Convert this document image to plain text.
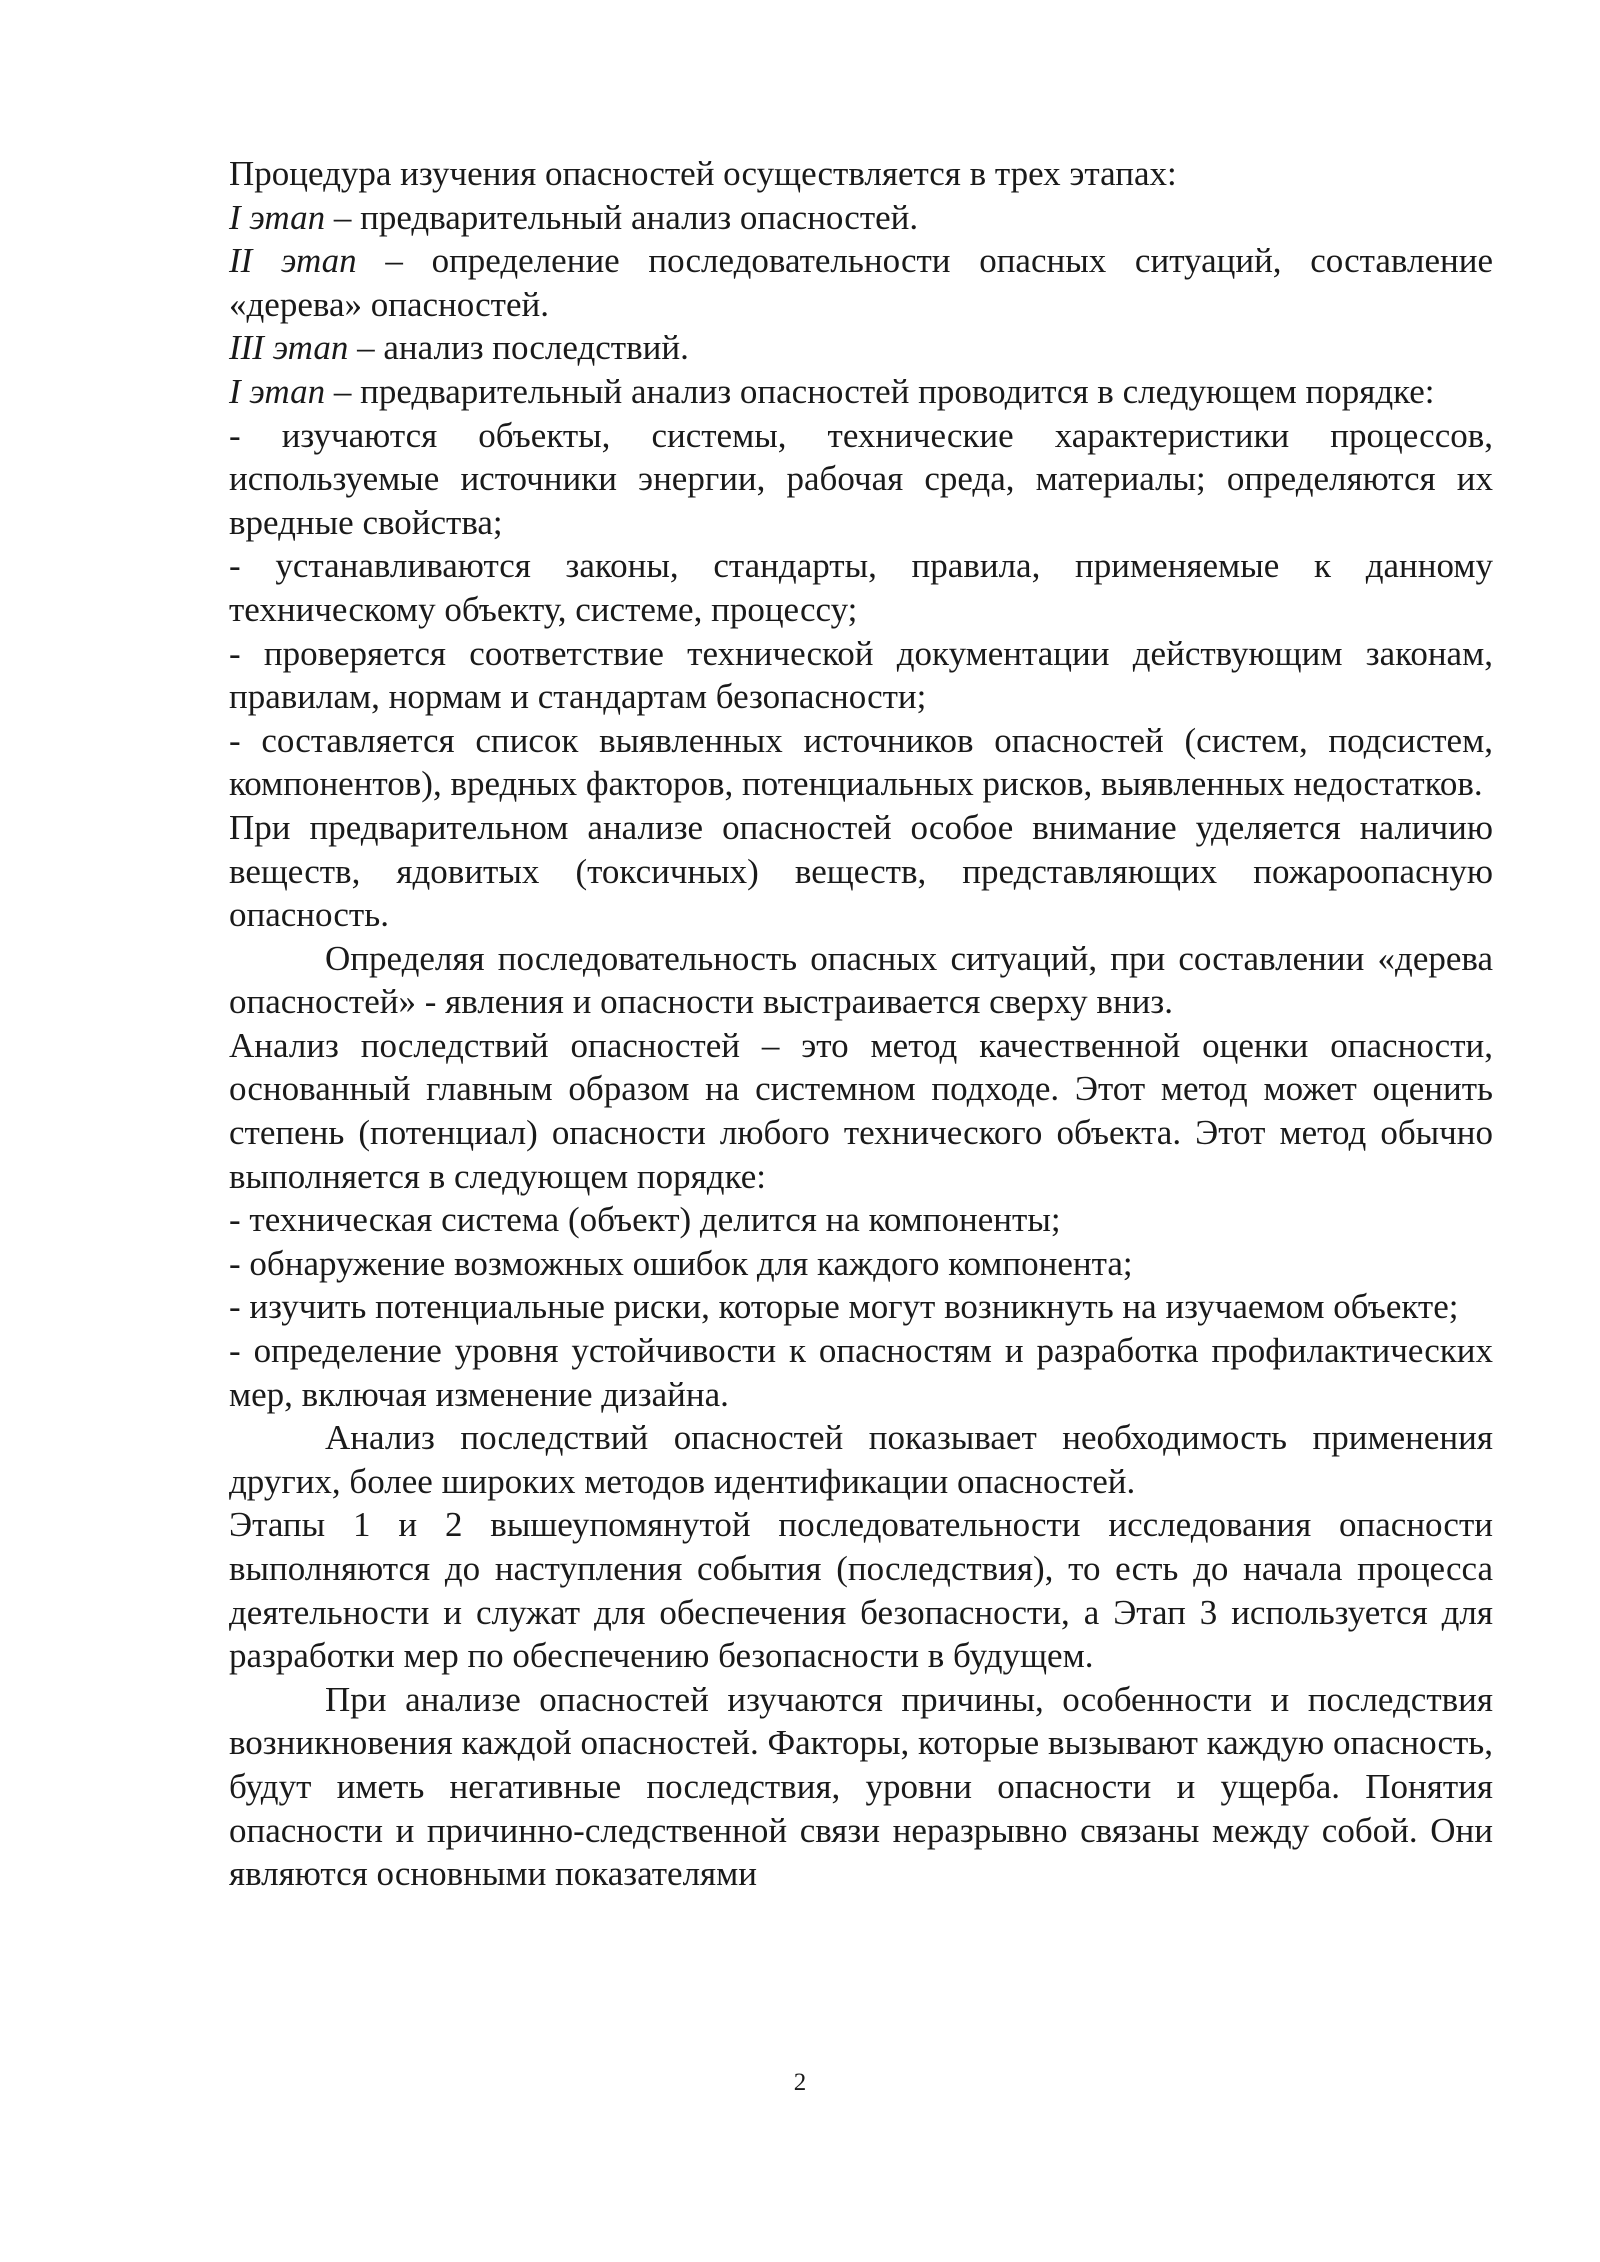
Процедура изучения опасностей осуществляется в трех этапах:

I этап – предварительный анализ опасностей.

II этап – определение последовательности опасных ситуаций, составление «дерева» опасностей.

III этап – анализ последствий.

I этап – предварительный анализ опасностей проводится в следующем порядке:

- изучаются объекты, системы, технические характеристики процессов, используемые источники энергии, рабочая среда, материалы; определяются их вредные свойства;

- устанавливаются законы, стандарты, правила, применяемые к данному техническому объекту, системе, процессу;

- проверяется соответствие технической документации действующим законам, правилам, нормам и стандартам безопасности;

- составляется список выявленных источников опасностей (систем, подсистем, компонентов), вредных факторов, потенциальных рисков, выявленных недостатков.

При предварительном анализе опасностей особое внимание уделяется наличию веществ, ядовитых (токсичных) веществ, представляющих пожароопасную опасность.

Определяя последовательность опасных ситуаций, при составлении «дерева опасностей» - явления и опасности выстраивается сверху вниз.

Анализ последствий опасностей – это метод качественной оценки опасности, основанный главным образом на системном подходе. Этот метод может оценить степень (потенциал) опасности любого технического объекта. Этот метод обычно выполняется в следующем порядке:

- техническая система (объект) делится на компоненты;

- обнаружение возможных ошибок для каждого компонента;

- изучить потенциальные риски, которые могут возникнуть на изучаемом объекте;

- определение уровня устойчивости к опасностям и разработка профилактических мер, включая изменение дизайна.

Анализ последствий опасностей показывает необходимость применения других, более широких методов идентификации опасностей.

Этапы 1 и 2 вышеупомянутой последовательности исследования опасности выполняются до наступления события (последствия), то есть до начала процесса деятельности и служат для обеспечения безопасности, а Этап 3 используется для разработки мер по обеспечению безопасности в будущем.

При анализе опасностей изучаются причины, особенности и последствия возникновения каждой опасностей. Факторы, которые вызывают каждую опасность, будут иметь негативные последствия, уровни опасности и ущерба. Понятия опасности и причинно-следственной связи неразрывно связаны между собой. Они являются основными показателями

2
